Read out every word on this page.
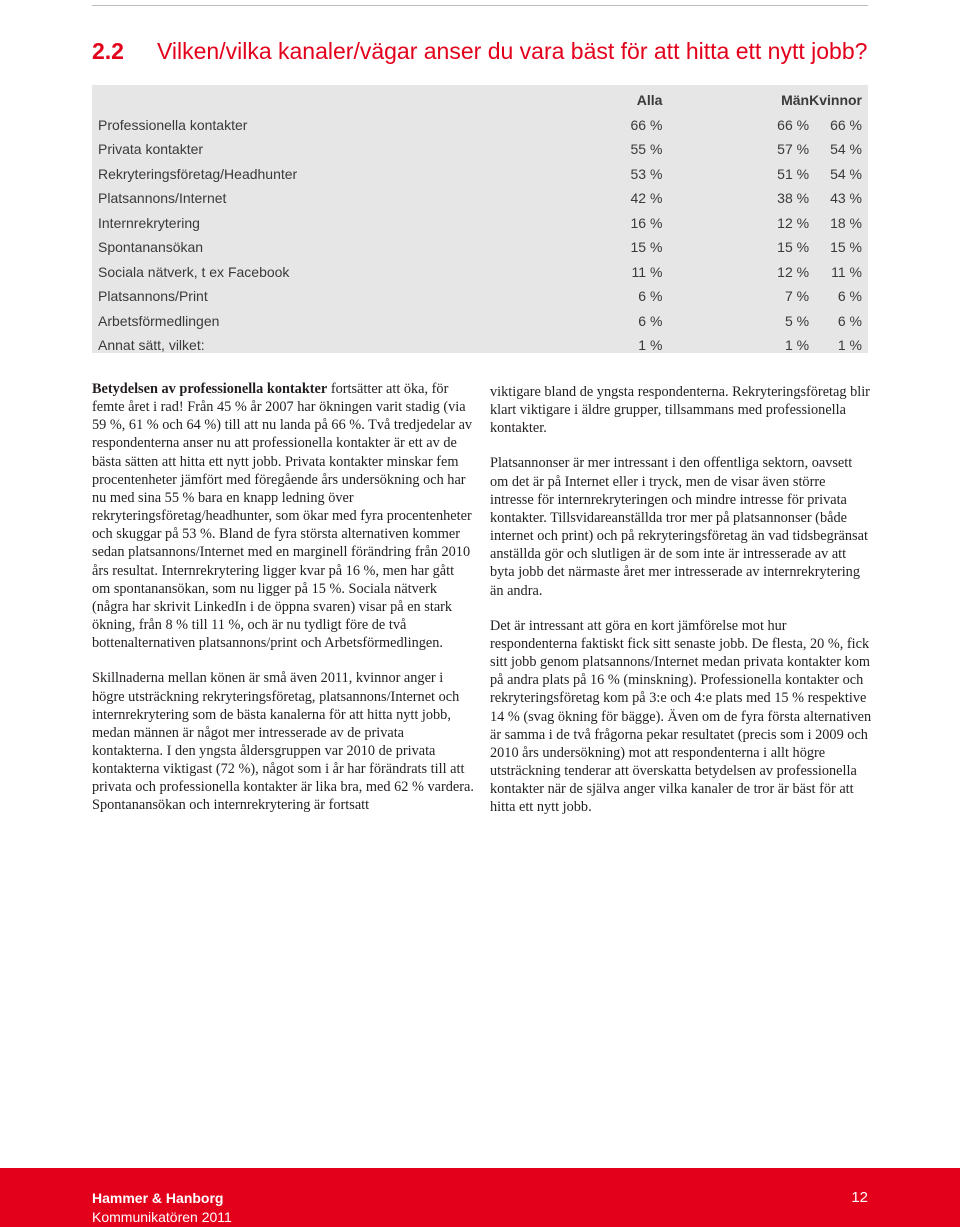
2.2 Vilken/vilka kanaler/vägar anser du vara bäst för att hitta ett nytt jobb?
	Alla	Män	Kvinnor
Professionella kontakter	66 %	66 %	66 %
Privata kontakter	55 %	57 %	54 %
Rekryteringsföretag/Headhunter	53 %	51 %	54 %
Platsannons/Internet	42 %	38 %	43 %
Internrekrytering	16 %	12 %	18 %
Spontanansökan	15 %	15 %	15 %
Sociala nätverk, t ex Facebook	11 %	12 %	11 %
Platsannons/Print	6 %	7 %	6 %
Arbetsförmedlingen	6 %	5 %	6 %
Annat sätt, vilket:	1 %	1 %	1 %

Betydelsen av professionella kontakter fortsätter att öka, för femte året i rad! Från 45 % år 2007 har ökningen varit stadig (via 59 %, 61 % och 64 %) till att nu landa på 66 %. Två tredjedelar av respondenterna anser nu att professionella kontakter är ett av de bästa sätten att hitta ett nytt jobb. Privata kontakter minskar fem procentenheter jämfört med föregående års undersökning och har nu med sina 55 % bara en knapp ledning över rekryteringsföretag/headhunter, som ökar med fyra procentenheter och skuggar på 53 %. Bland de fyra största alternativen kommer sedan platsannons/Internet med en marginell förändring från 2010 års resultat. Internrekrytering ligger kvar på 16 %, men har gått om spontanansökan, som nu ligger på 15 %. Sociala nätverk (några har skrivit LinkedIn i de öppna svaren) visar på en stark ökning, från 8 % till 11 %, och är nu tydligt före de två bottenalternativen platsannons/print och Arbetsförmedlingen.

Skillnaderna mellan könen är små även 2011, kvinnor anger i högre utsträckning rekryteringsföretag, platsannons/Internet och internrekrytering som de bästa kanalerna för att hitta nytt jobb, medan männen är något mer intresserade av de privata kontakterna. I den yngsta åldersgruppen var 2010 de privata kontakterna viktigast (72 %), något som i år har förändrats till att privata och professionella kontakter är lika bra, med 62 % vardera. Spontanansökan och internrekrytering är fortsatt

viktigare bland de yngsta respondenterna. Rekryteringsföretag blir klart viktigare i äldre grupper, tillsammans med professionella kontakter.

Platsannonser är mer intressant i den offentliga sektorn, oavsett om det är på Internet eller i tryck, men de visar även större intresse för internrekryteringen och mindre intresse för privata kontakter. Tillsvidareanställda tror mer på platsannonser (både internet och print) och på rekryteringsföretag än vad tidsbegränsat anställda gör och slutligen är de som inte är intresserade av att byta jobb det närmaste året mer intresserade av internrekrytering än andra.

Det är intressant att göra en kort jämförelse mot hur respondenterna faktiskt fick sitt senaste jobb. De flesta, 20 %, fick sitt jobb genom platsannons/Internet medan privata kontakter kom på andra plats på 16 % (minskning). Professionella kontakter och rekryteringsföretag kom på 3:e och 4:e plats med 15 % respektive 14 % (svag ökning för bägge). Även om de fyra första alternativen är samma i de två frågorna pekar resultatet (precis som i 2009 och 2010 års undersökning) mot att respondenterna i allt högre utsträckning tenderar att överskatta betydelsen av professionella kontakter när de själva anger vilka kanaler de tror är bäst för att hitta ett nytt jobb.

Hammer & Hanborg
Kommunikatören 2011
12
